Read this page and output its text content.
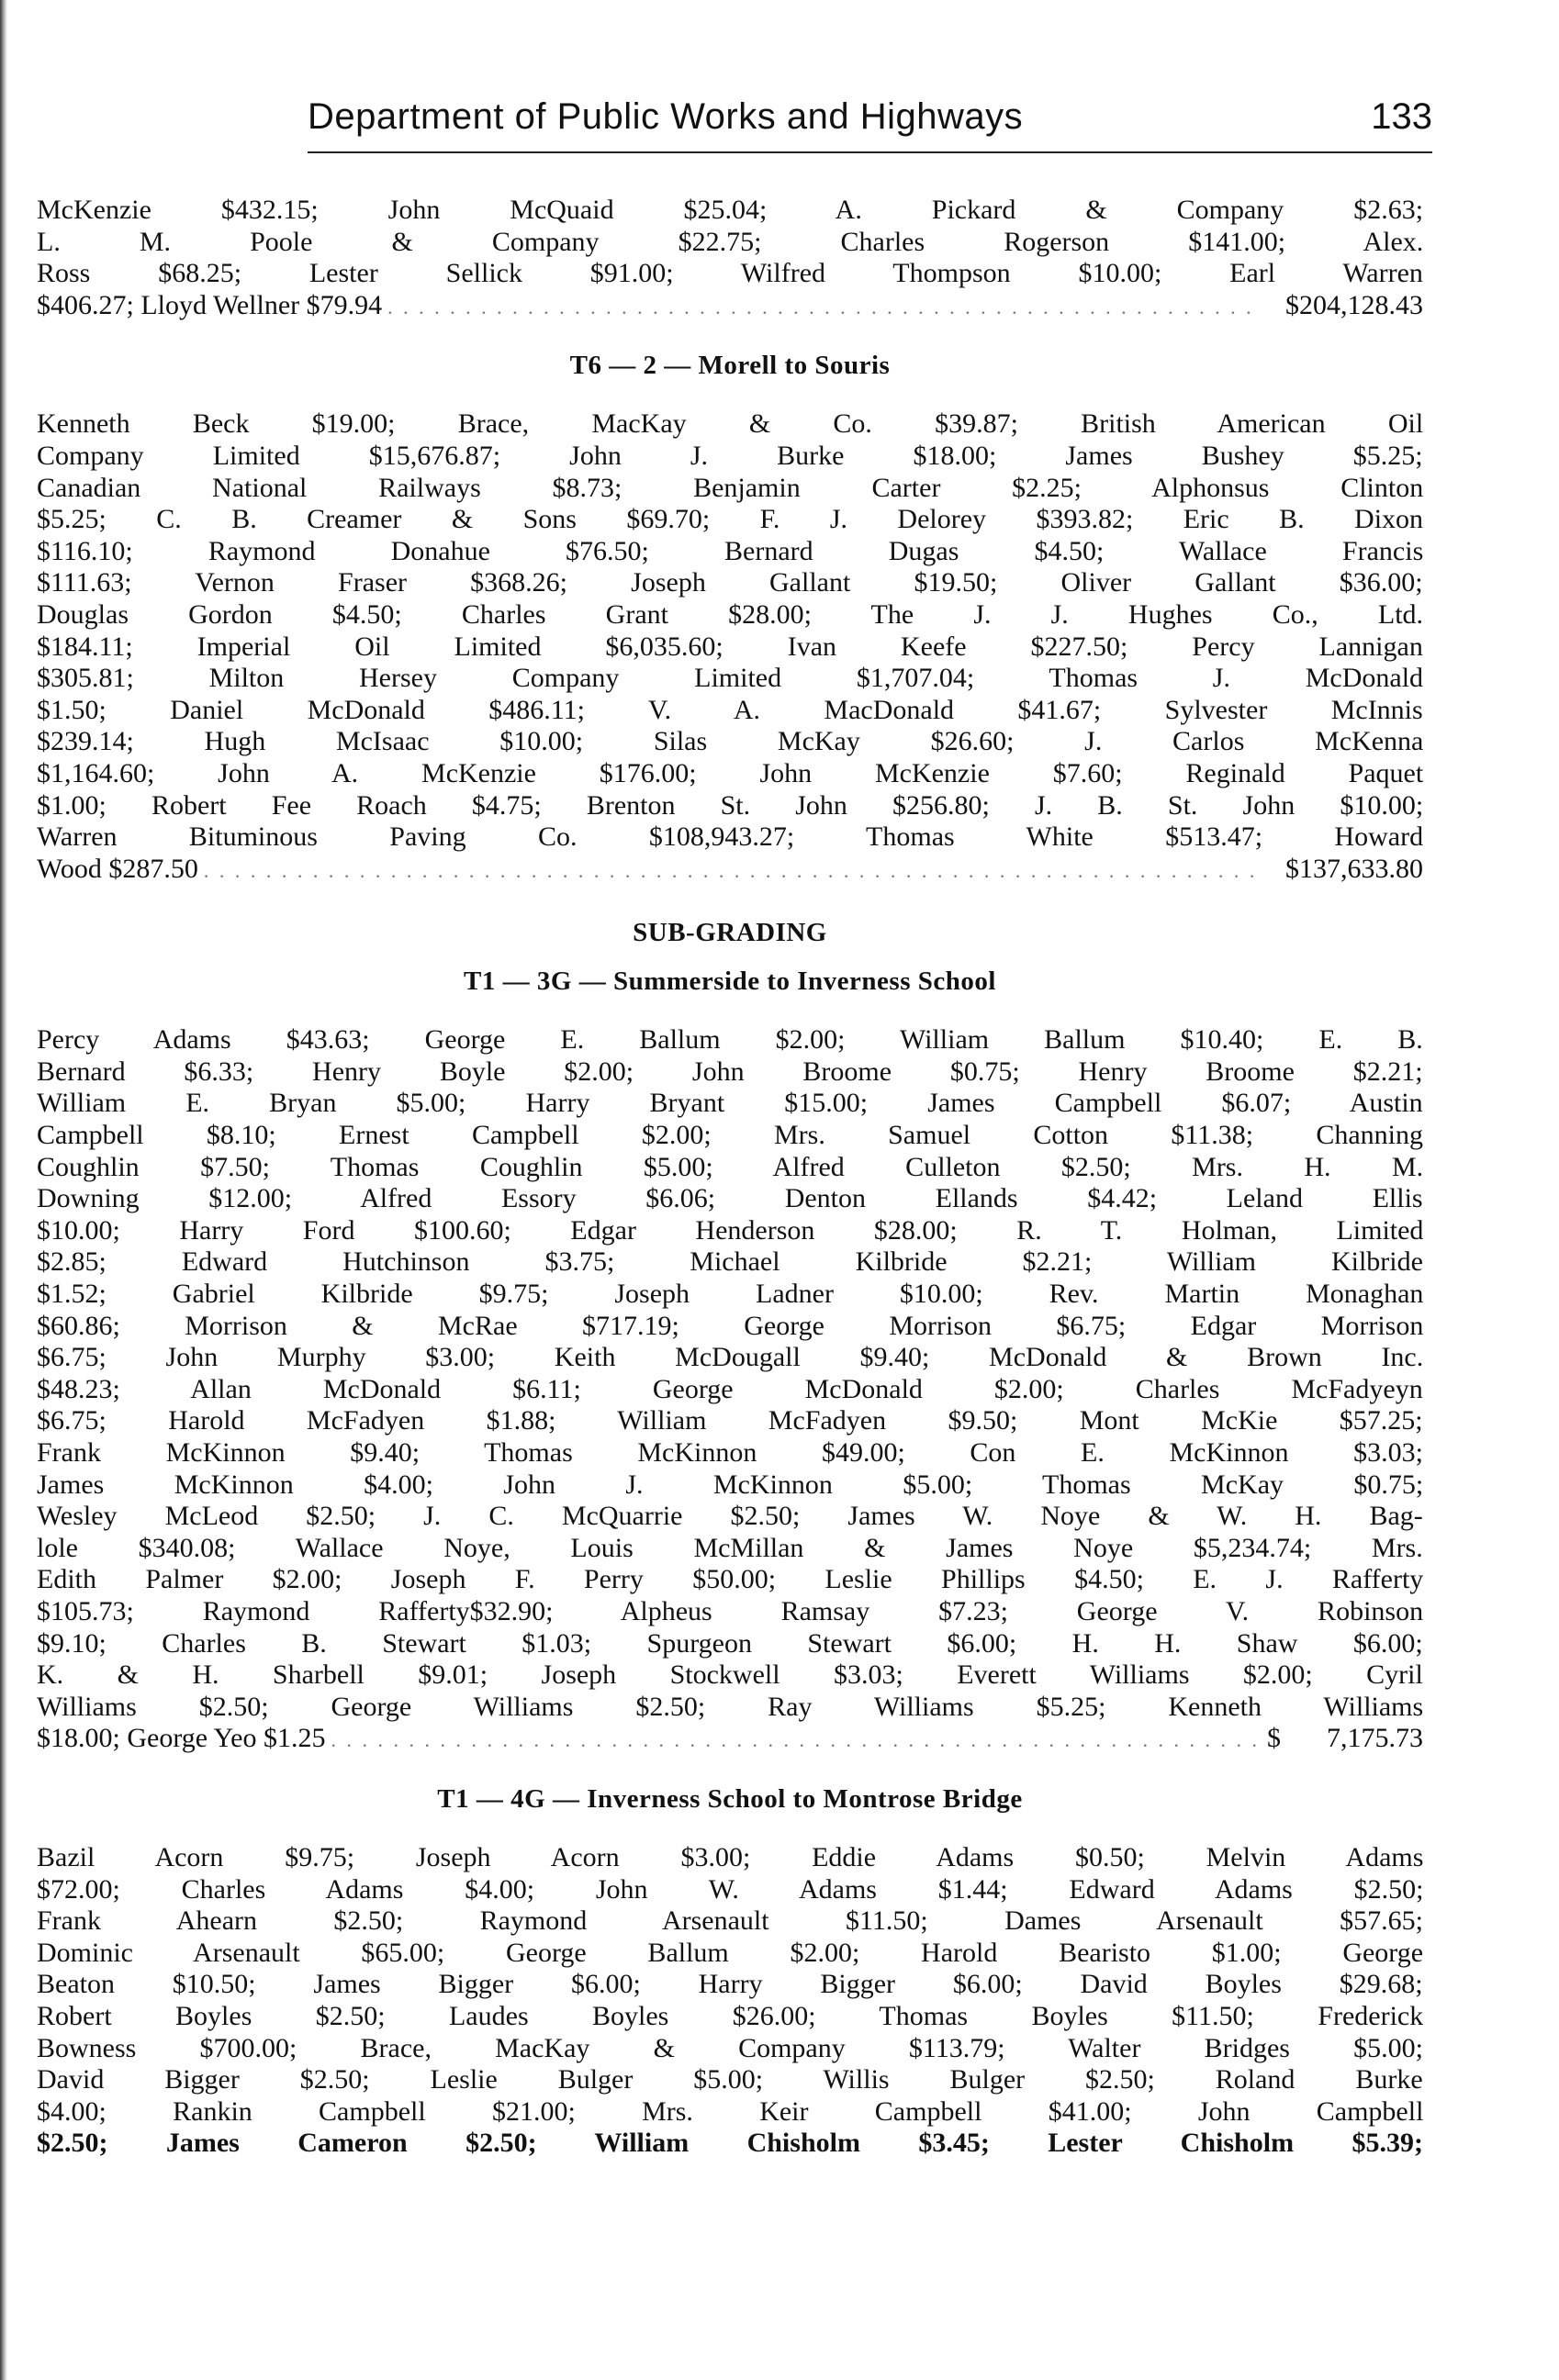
Department of Public Works and Highways	133
McKenzie $432.15; John McQuaid $25.04; A. Pickard & Company $2.63;
L. M. Poole & Company $22.75; Charles Rogerson $141.00; Alex.
Ross $68.25; Lester Sellick $91.00; Wilfred Thompson $10.00; Earl Warren
$406.27; Lloyd Wellner $79.94 . . .	$204,128.43

T6 — 2 — Morell to Souris

Kenneth Beck $19.00; Brace, MacKay & Co. $39.87; British American Oil
Company Limited $15,676.87; John J. Burke $18.00; James Bushey $5.25;
Canadian National Railways $8.73; Benjamin Carter $2.25; Alphonsus Clinton
$5.25; C. B. Creamer & Sons $69.70; F. J. Delorey $393.82; Eric B. Dixon
$116.10; Raymond Donahue $76.50; Bernard Dugas $4.50; Wallace Francis
$111.63; Vernon Fraser $368.26; Joseph Gallant $19.50; Oliver Gallant $36.00;
Douglas Gordon $4.50; Charles Grant $28.00; The J. J. Hughes Co., Ltd.
$184.11; Imperial Oil Limited $6,035.60; Ivan Keefe $227.50; Percy Lannigan
$305.81; Milton Hersey Company Limited $1,707.04; Thomas J. McDonald
$1.50; Daniel McDonald $486.11; V. A. MacDonald $41.67; Sylvester McInnis
$239.14; Hugh McIsaac $10.00; Silas McKay $26.60; J. Carlos McKenna
$1,164.60; John A. McKenzie $176.00; John McKenzie $7.60; Reginald Paquet
$1.00; Robert Fee Roach $4.75; Brenton St. John $256.80; J. B. St. John $10.00;
Warren Bituminous Paving Co. $108,943.27; Thomas White $513.47; Howard
Wood $287.50 . . .	$137,633.80

SUB-GRADING

T1 — 3G — Summerside to Inverness School

Percy Adams $43.63; George E. Ballum $2.00; William Ballum $10.40; E. B.
Bernard $6.33; Henry Boyle $2.00; John Broome $0.75; Henry Broome $2.21;
William E. Bryan $5.00; Harry Bryant $15.00; James Campbell $6.07; Austin
Campbell $8.10; Ernest Campbell $2.00; Mrs. Samuel Cotton $11.38; Channing
Coughlin $7.50; Thomas Coughlin $5.00; Alfred Culleton $2.50; Mrs. H. M.
Downing $12.00; Alfred Essory $6.06; Denton Ellands $4.42; Leland Ellis
$10.00; Harry Ford $100.60; Edgar Henderson $28.00; R. T. Holman, Limited
$2.85; Edward Hutchinson $3.75; Michael Kilbride $2.21; William Kilbride
$1.52; Gabriel Kilbride $9.75; Joseph Ladner $10.00; Rev. Martin Monaghan
$60.86; Morrison & McRae $717.19; George Morrison $6.75; Edgar Morrison
$6.75; John Murphy $3.00; Keith McDougall $9.40; McDonald & Brown Inc.
$48.23; Allan McDonald $6.11; George McDonald $2.00; Charles McFadyeyn
$6.75; Harold McFadyen $1.88; William McFadyen $9.50; Mont McKie $57.25;
Frank McKinnon $9.40; Thomas McKinnon $49.00; Con E. McKinnon $3.03;
James McKinnon $4.00; John J. McKinnon $5.00; Thomas McKay $0.75;
Wesley McLeod $2.50; J. C. McQuarrie $2.50; James W. Noye & W. H. Bag-
lole $340.08; Wallace Noye, Louis McMillan & James Noye $5,234.74; Mrs.
Edith Palmer $2.00; Joseph F. Perry $50.00; Leslie Phillips $4.50; E. J. Rafferty
$105.73; Raymond Rafferty$32.90; Alpheus Ramsay $7.23; George V. Robinson
$9.10; Charles B. Stewart $1.03; Spurgeon Stewart $6.00; H. H. Shaw $6.00;
K. & H. Sharbell $9.01; Joseph Stockwell $3.03; Everett Williams $2.00; Cyril
Williams $2.50; George Williams $2.50; Ray Williams $5.25; Kenneth Williams
$18.00; George Yeo $1.25 . . .	$ 7,175.73

T1 — 4G — Inverness School to Montrose Bridge

Bazil Acorn $9.75; Joseph Acorn $3.00; Eddie Adams $0.50; Melvin Adams
$72.00; Charles Adams $4.00; John W. Adams $1.44; Edward Adams $2.50;
Frank Ahearn $2.50; Raymond Arsenault $11.50; Dames Arsenault $57.65;
Dominic Arsenault $65.00; George Ballum $2.00; Harold Bearisto $1.00; George
Beaton $10.50; James Bigger $6.00; Harry Bigger $6.00; David Boyles $29.68;
Robert Boyles $2.50; Laudes Boyles $26.00; Thomas Boyles $11.50; Frederick
Bowness $700.00; Brace, MacKay & Company $113.79; Walter Bridges $5.00;
David Bigger $2.50; Leslie Bulger $5.00; Willis Bulger $2.50; Roland Burke
$4.00; Rankin Campbell $21.00; Mrs. Keir Campbell $41.00; John Campbell
$2.50; James Cameron $2.50; William Chisholm $3.45; Lester Chisholm $5.39;
